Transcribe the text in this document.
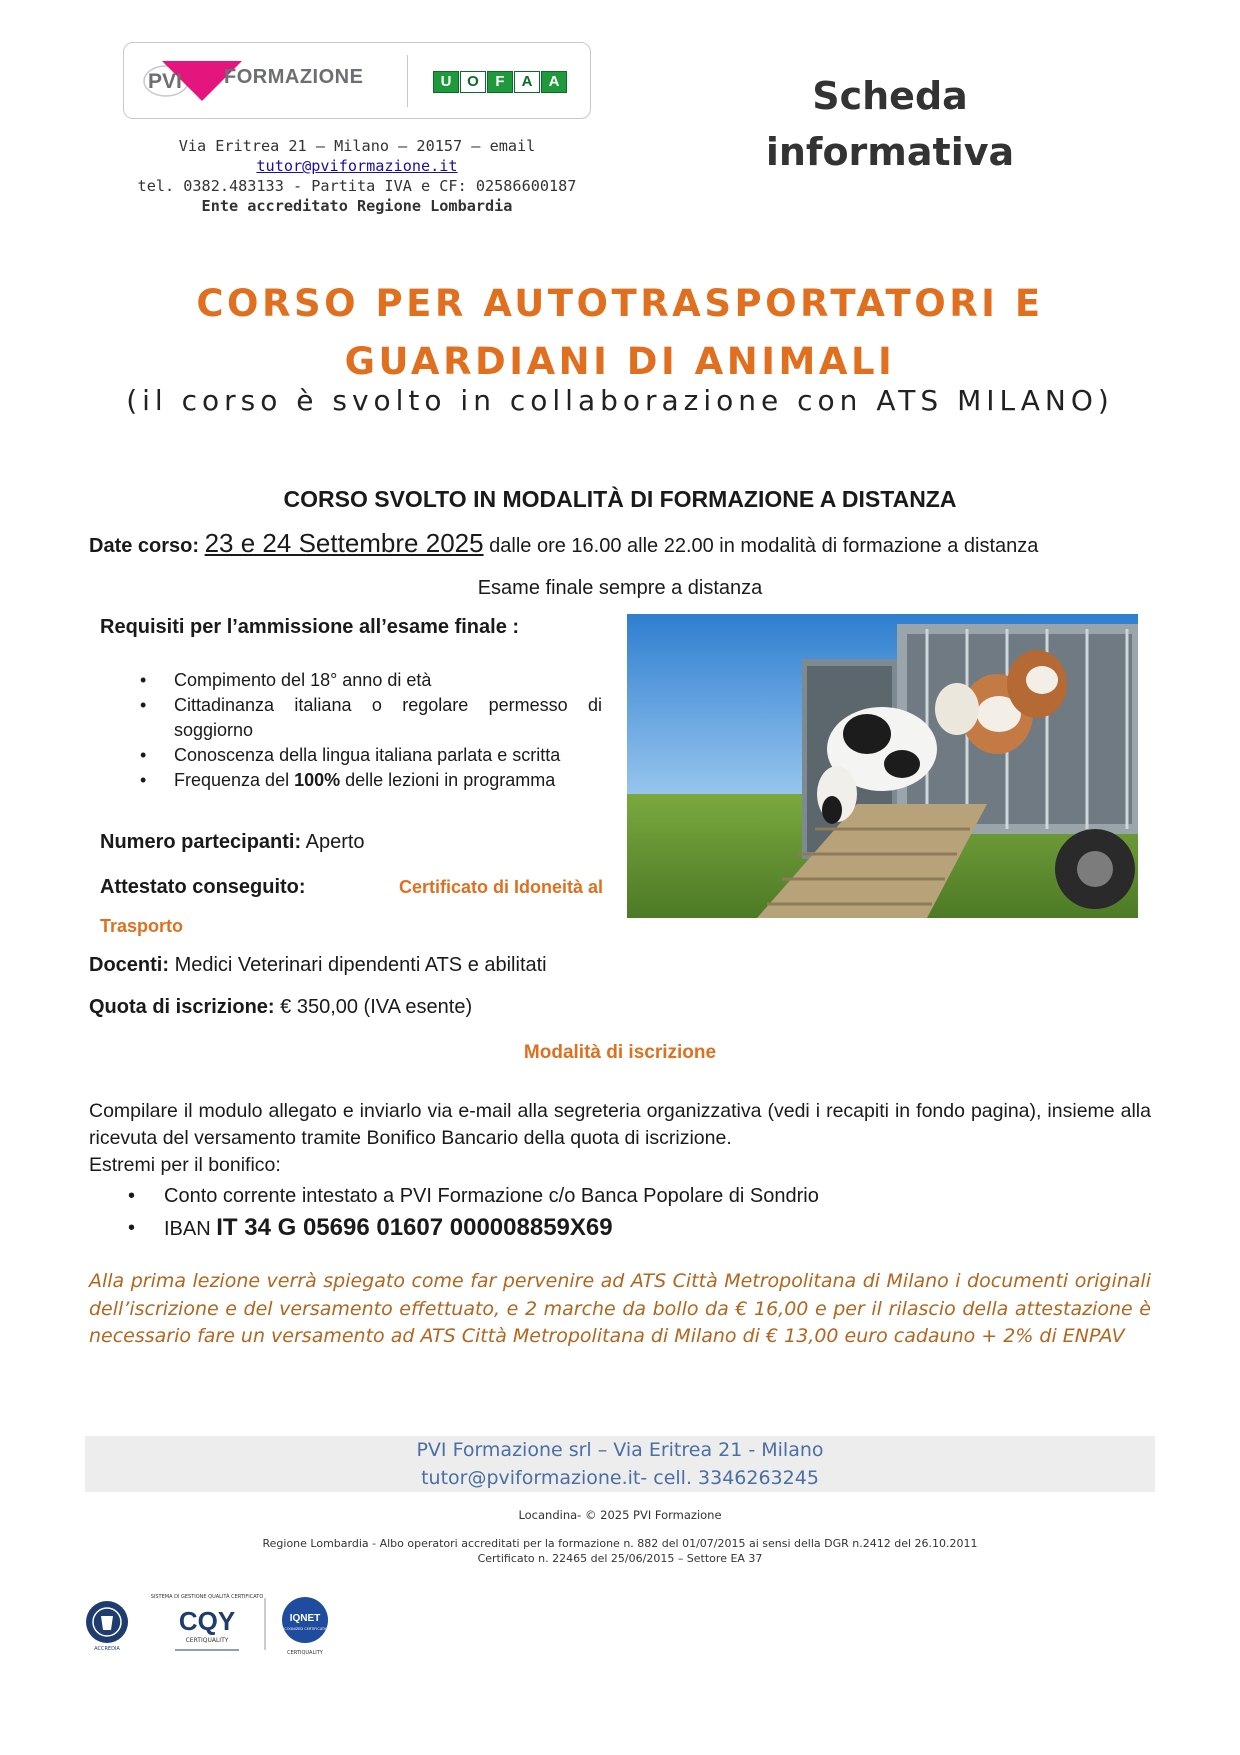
PVI FORMAZIONE	U	O	F	A	A
Via Eritrea 21 – Milano – 20157 – email
tutor@pviformazione.it
tel. 0382.483133 - Partita IVA e CF: 02586600187
Ente accreditato Regione Lombardia
Scheda
informativa
CORSO PER AUTOTRASPORTATORI E
GUARDIANI DI ANIMALI
(il corso è svolto in collaborazione con ATS MILANO)
CORSO SVOLTO IN MODALITÀ DI FORMAZIONE A DISTANZA
Date corso: 23 e 24 Settembre 2025 dalle ore 16.00 alle 22.00 in modalità di formazione a distanza
Esame finale sempre a distanza
Requisiti per l’ammissione all’esame finale :
• Compimento del 18° anno di età
• Cittadinanza italiana o regolare permesso di soggiorno
• Conoscenza della lingua italiana parlata e scritta
• Frequenza del 100% delle lezioni in programma
Numero partecipanti: Aperto
Attestato conseguito:	Certificato di Idoneità al
Trasporto
Docenti: Medici Veterinari dipendenti ATS e abilitati
Quota di iscrizione: € 350,00 (IVA esente)
Modalità di iscrizione
Compilare il modulo allegato e inviarlo via e-mail alla segreteria organizzativa (vedi i recapiti in fondo pagina), insieme alla ricevuta del versamento tramite Bonifico Bancario della quota di iscrizione.
Estremi per il bonifico:
• Conto corrente intestato a PVI Formazione c/o Banca Popolare di Sondrio
• IBAN IT 34 G 05696 01607 000008859X69
Alla prima lezione verrà spiegato come far pervenire ad ATS Città Metropolitana di Milano i documenti originali dell’iscrizione e del versamento effettuato, e 2 marche da bollo da € 16,00 e per il rilascio della attestazione è necessario fare un versamento ad ATS Città Metropolitana di Milano di € 13,00 euro cadauno + 2% di ENPAV
PVI Formazione srl – Via Eritrea 21 - Milano
tutor@pviformazione.it- cell. 3346263245
Locandina- © 2025 PVI Formazione
Regione Lombardia - Albo operatori accreditati per la formazione n. 882 del 01/07/2015 ai sensi della DGR n.2412 del 26.10.2011
Certificato n. 22465 del 25/06/2015 – Settore EA 37
ACCREDIA
SISTEMA DI GESTIONE QUALITÀ CERTIFICATO
CQY
CERTIQUALITY
IQNET
RECOGNIZED CERTIFICATION
CERTIQUALITY
